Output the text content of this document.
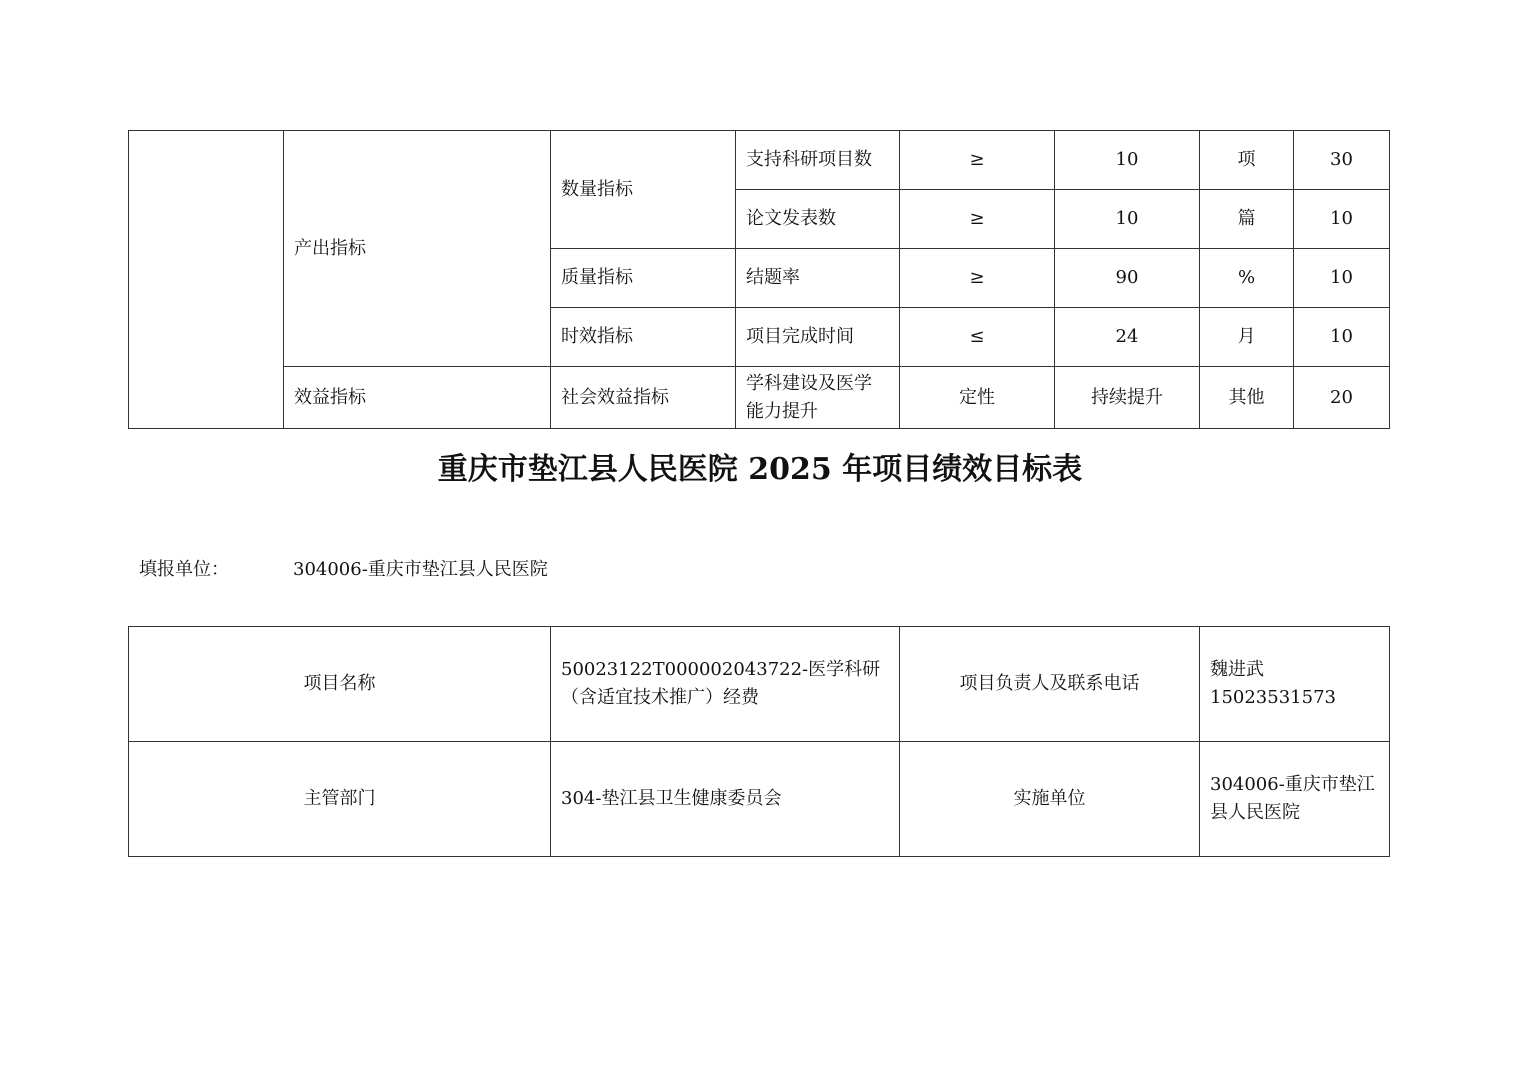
	产出指标	数量指标	支持科研项目数	≥	10	项	30
			论文发表数	≥	10	篇	10
		质量指标	结题率	≥	90	%	10
		时效指标	项目完成时间	≤	24	月	10
	效益指标	社会效益指标	学科建设及医学能力提升	定性	持续提升	其他	20
重庆市垫江县人民医院 2025 年项目绩效目标表
填报单位：	304006-重庆市垫江县人民医院
项目名称	50023122T000002043722-医学科研（含适宜技术推广）经费	项目负责人及联系电话	魏进武
15023531573

主管部门	304-垫江县卫生健康委员会	实施单位	304006-重庆市垫江县人民医院
